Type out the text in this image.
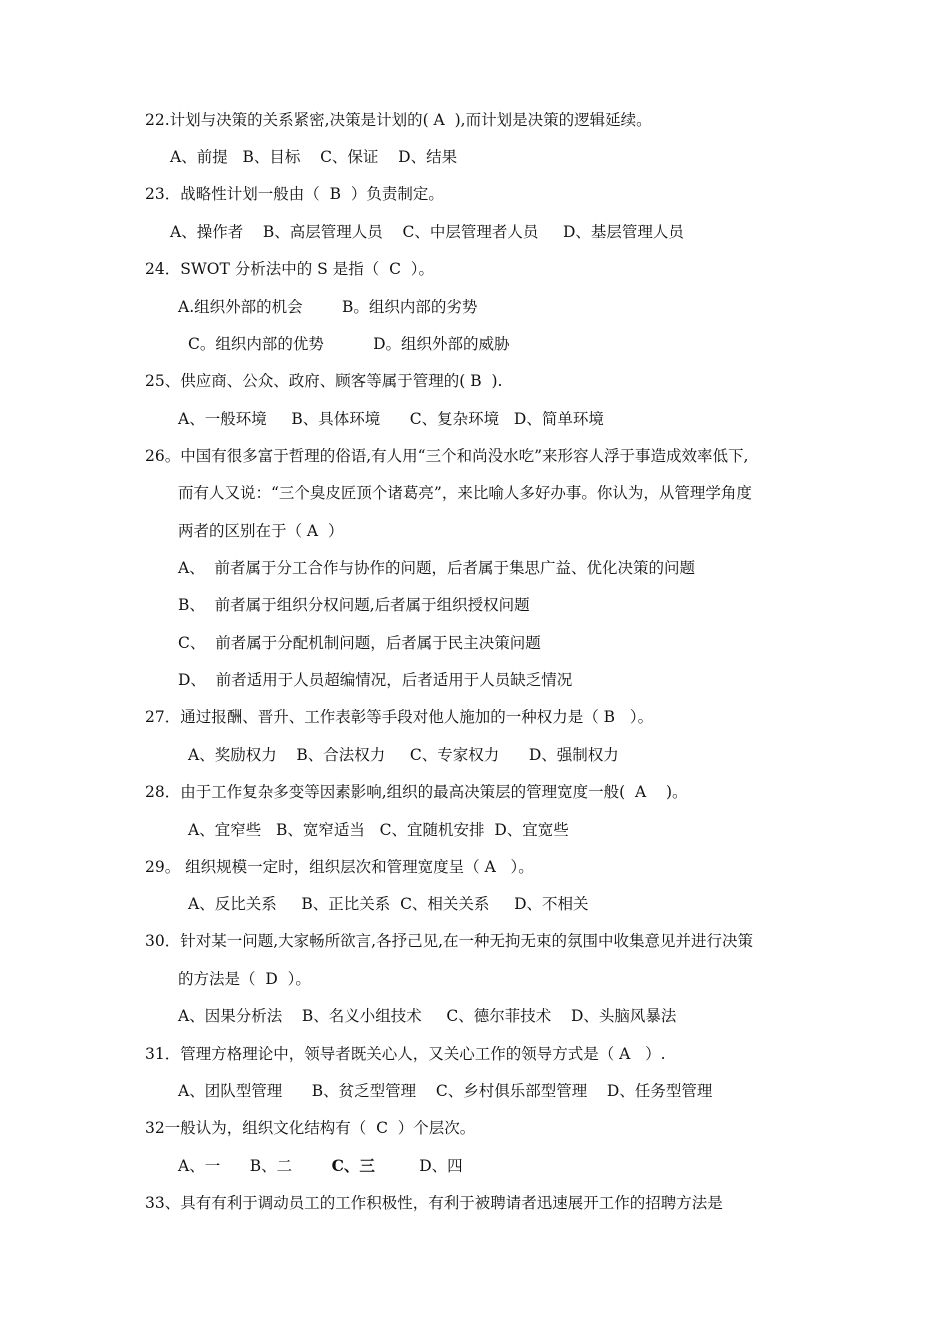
22.计划与决策的关系紧密,决策是计划的( A  ),而计划是决策的逻辑延续。
A、前提   B、目标    C、保证    D、结果
23．战略性计划一般由（  B  ）负责制定。
A、操作者    B、高层管理人员    C、中层管理者人员     D、基层管理人员
24．SWOT 分析法中的 S 是指（  C  ）。
A.组织外部的机会        B。组织内部的劣势
C。组织内部的优势          D。组织外部的威胁
25、供应商、公众、政府、顾客等属于管理的( B  ).
A、一般环境     B、具体环境      C、复杂环境   D、简单环境
26。中国有很多富于哲理的俗语,有人用“三个和尚没水吃”来形容人浮于事造成效率低下,
而有人又说：“三个臭皮匠顶个诸葛亮”，来比喻人多好办事。你认为，从管理学角度
两者的区别在于（ A  ）
A、  前者属于分工合作与协作的问题，后者属于集思广益、优化决策的问题
B、  前者属于组织分权问题,后者属于组织授权问题
C、  前者属于分配机制问题，后者属于民主决策问题
D、  前者适用于人员超编情况，后者适用于人员缺乏情况
27．通过报酬、晋升、工作表彰等手段对他人施加的一种权力是（ B   ）。
A、奖励权力    B、合法权力     C、专家权力      D、强制权力
28．由于工作复杂多变等因素影响,组织的最高决策层的管理宽度一般(  A    )。
A、宜窄些   B、宽窄适当   C、宜随机安排  D、宜宽些
29。 组织规模一定时，组织层次和管理宽度呈（ A   ）。
A、反比关系     B、正比关系  C、相关关系     D、不相关
30．针对某一问题,大家畅所欲言,各抒己见,在一种无拘无束的氛围中收集意见并进行决策
的方法是（  D  ）。
A、因果分析法    B、名义小组技术     C、德尔菲技术    D、头脑风暴法
31．管理方格理论中，领导者既关心人，又关心工作的领导方式是（ A   ）.
A、团队型管理      B、贫乏型管理    C、乡村俱乐部型管理    D、任务型管理
32一般认为，组织文化结构有（  C  ）个层次。
A、一      B、二        C、三         D、四
33、具有有利于调动员工的工作积极性，有利于被聘请者迅速展开工作的招聘方法是
